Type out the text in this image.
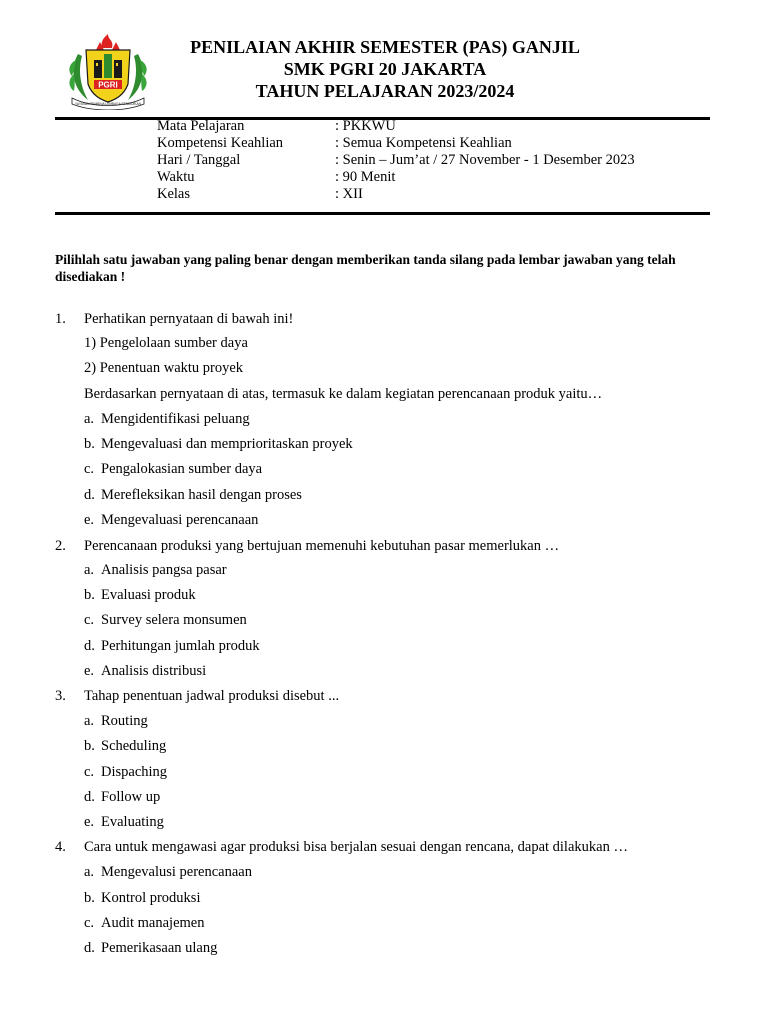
PGRI
YAYASAN PEMBINA LEMBAGA PENDIDIKAN
PENILAIAN AKHIR SEMESTER (PAS) GANJIL
SMK PGRI 20 JAKARTA
TAHUN PELAJARAN 2023/2024
Mata Pelajaran	: PKKWU
Kompetensi Keahlian	: Semua Kompetensi Keahlian
Hari / Tanggal	: Senin – Jum’at / 27 November - 1 Desember 2023
Waktu	: 90 Menit
Kelas	: XII
Pilihlah satu jawaban yang paling benar dengan memberikan tanda silang pada lembar jawaban yang telah disediakan !
1. Perhatikan pernyataan di bawah ini!
1) Pengelolaan sumber daya
2) Penentuan waktu proyek
Berdasarkan pernyataan di atas, termasuk ke dalam kegiatan perencanaan produk yaitu…
a. Mengidentifikasi peluang
b. Mengevaluasi dan memprioritaskan proyek
c. Pengalokasian sumber daya
d. Merefleksikan hasil dengan proses
e. Mengevaluasi perencanaan
2. Perencanaan produksi yang bertujuan memenuhi kebutuhan pasar memerlukan …
a. Analisis pangsa pasar
b. Evaluasi produk
c. Survey selera monsumen
d. Perhitungan jumlah produk
e. Analisis distribusi
3. Tahap penentuan jadwal produksi disebut ...
a. Routing
b. Scheduling
c. Dispaching
d. Follow up
e. Evaluating
4. Cara untuk mengawasi agar produksi bisa berjalan sesuai dengan rencana, dapat dilakukan …
a. Mengevalusi perencanaan
b. Kontrol produksi
c. Audit manajemen
d. Pemerikasaan ulang
